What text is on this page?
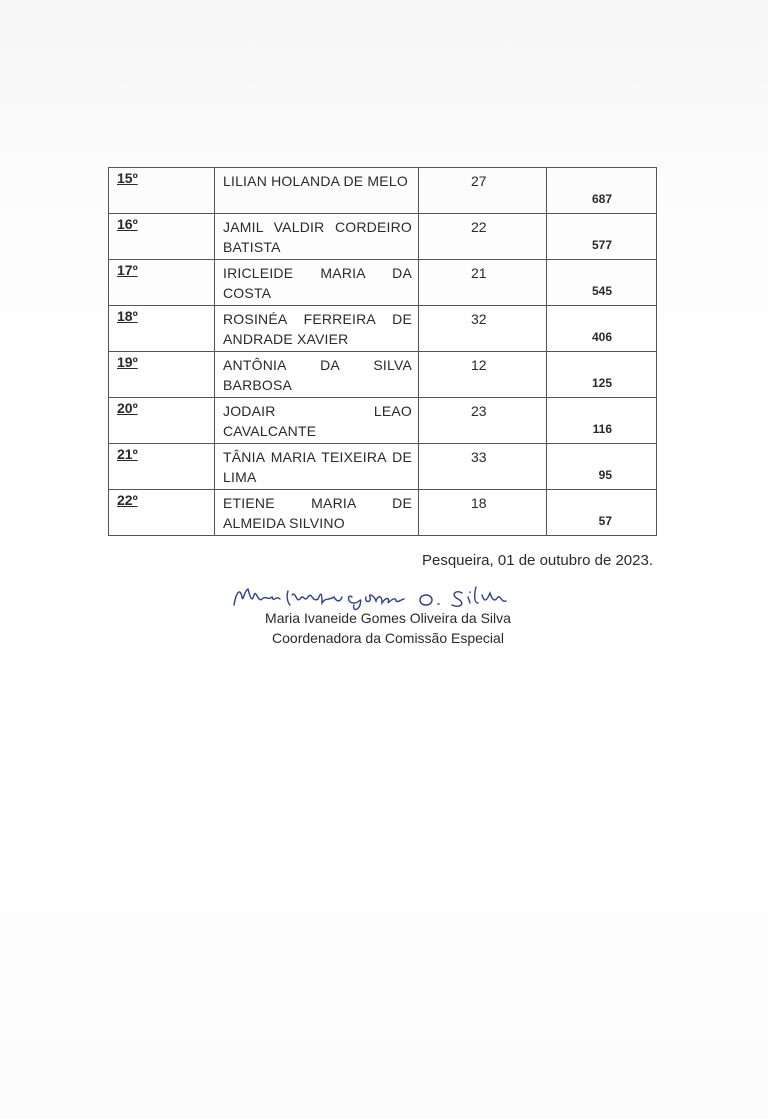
15º	LILIAN HOLANDA DE MELO	27	687

16º	JAMIL VALDIR CORDEIRO BATISTA	22	577

17º	IRICLEIDE MARIA DA COSTA	21	545

18º	ROSINÉA FERREIRA DE ANDRADE XAVIER	32	406

19º	ANTÔNIA DA SILVA BARBOSA	12	125

20º	JODAIR LEAO CAVALCANTE	23	116

21º	TÂNIA MARIA TEIXEIRA DE LIMA	33	95

22º	ETIENE MARIA DE ALMEIDA SILVINO	18	57
Pesqueira, 01 de outubro de 2023.
Maria Ivaneide Gomes Oliveira da Silva
Coordenadora da Comissão Especial
